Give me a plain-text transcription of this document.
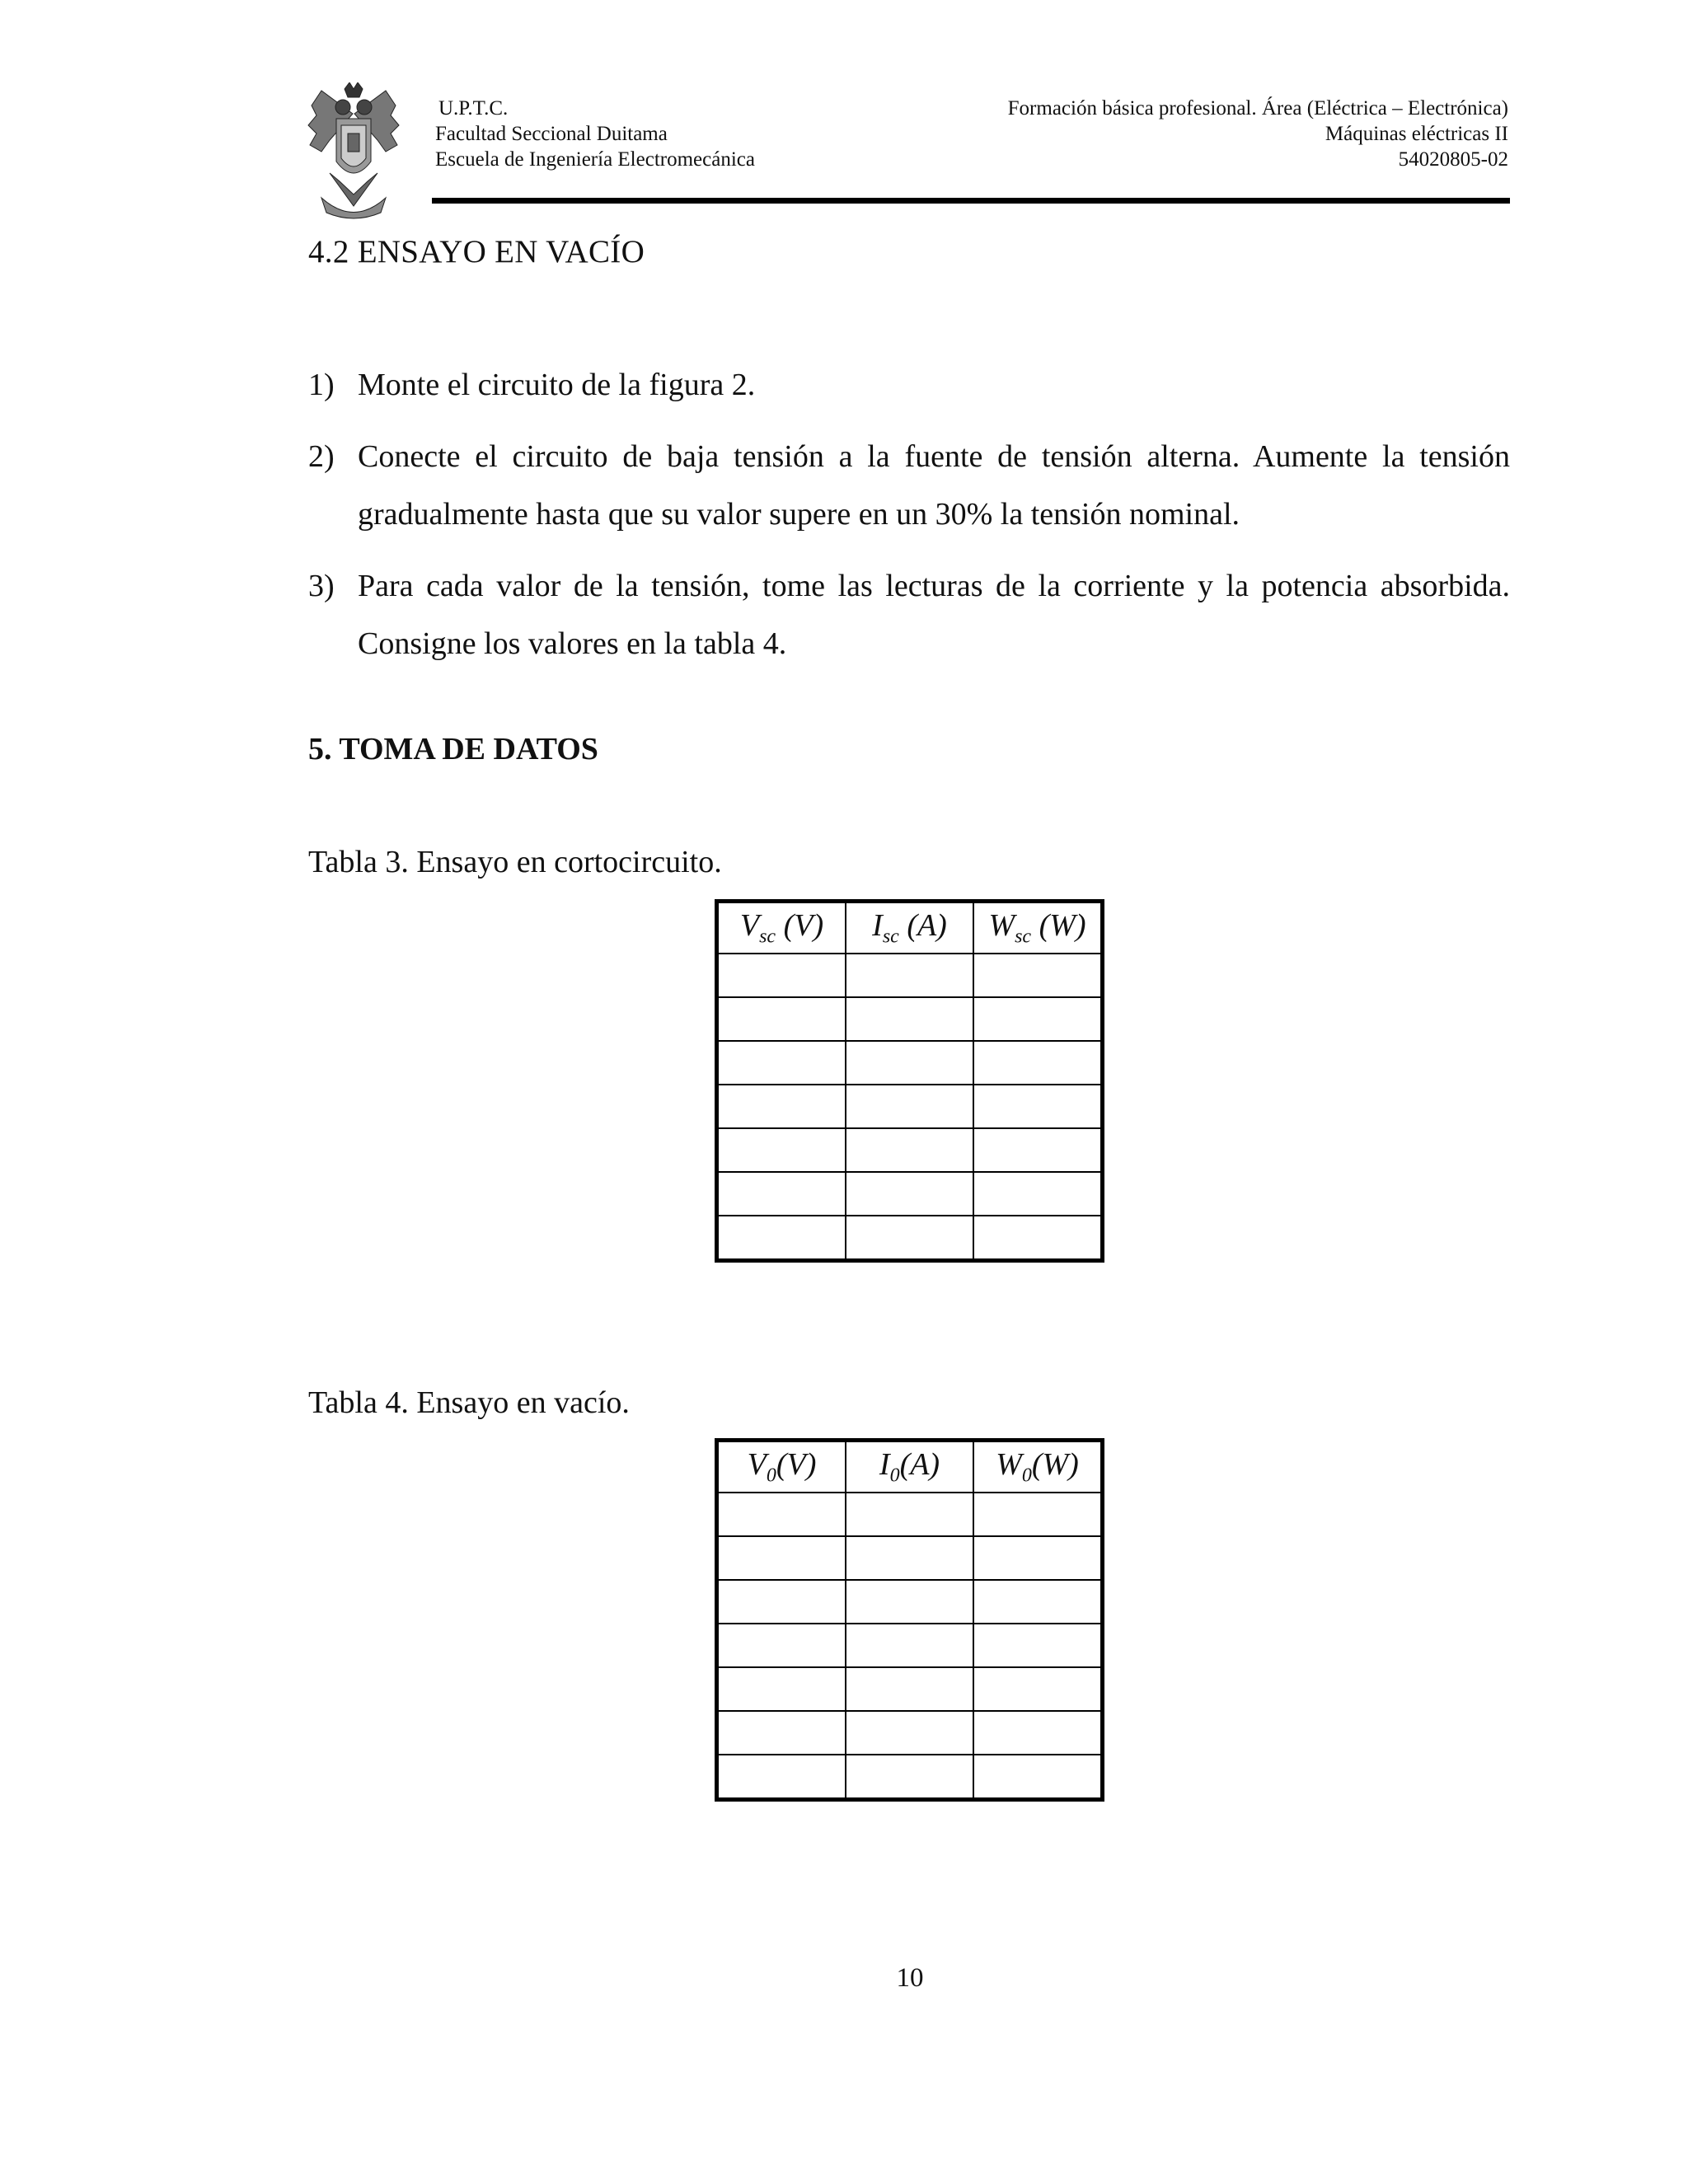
U.P.T.C.
Facultad Seccional Duitama
Escuela de Ingeniería Electromecánica
Formación básica profesional. Área (Eléctrica – Electrónica)
Máquinas eléctricas II
54020805-02
4.2 ENSAYO EN VACÍO
1) Monte el circuito de la figura 2.
2) Conecte el circuito de baja tensión a la fuente de tensión alterna. Aumente la tensión gradualmente hasta que su valor supere en un 30% la tensión nominal.
3) Para cada valor de la tensión, tome las lecturas de la corriente y la potencia absorbida. Consigne los valores en la tabla 4.
5. TOMA DE DATOS
Tabla 3. Ensayo en cortocircuito.
$V_{sc}$ (V)	$I_{sc}$ (A)	$W_{sc}$ (W)

Tabla 4. Ensayo en vacío.
$V_0(V)$	$I_0(A)$	$W_0(W)$

10
